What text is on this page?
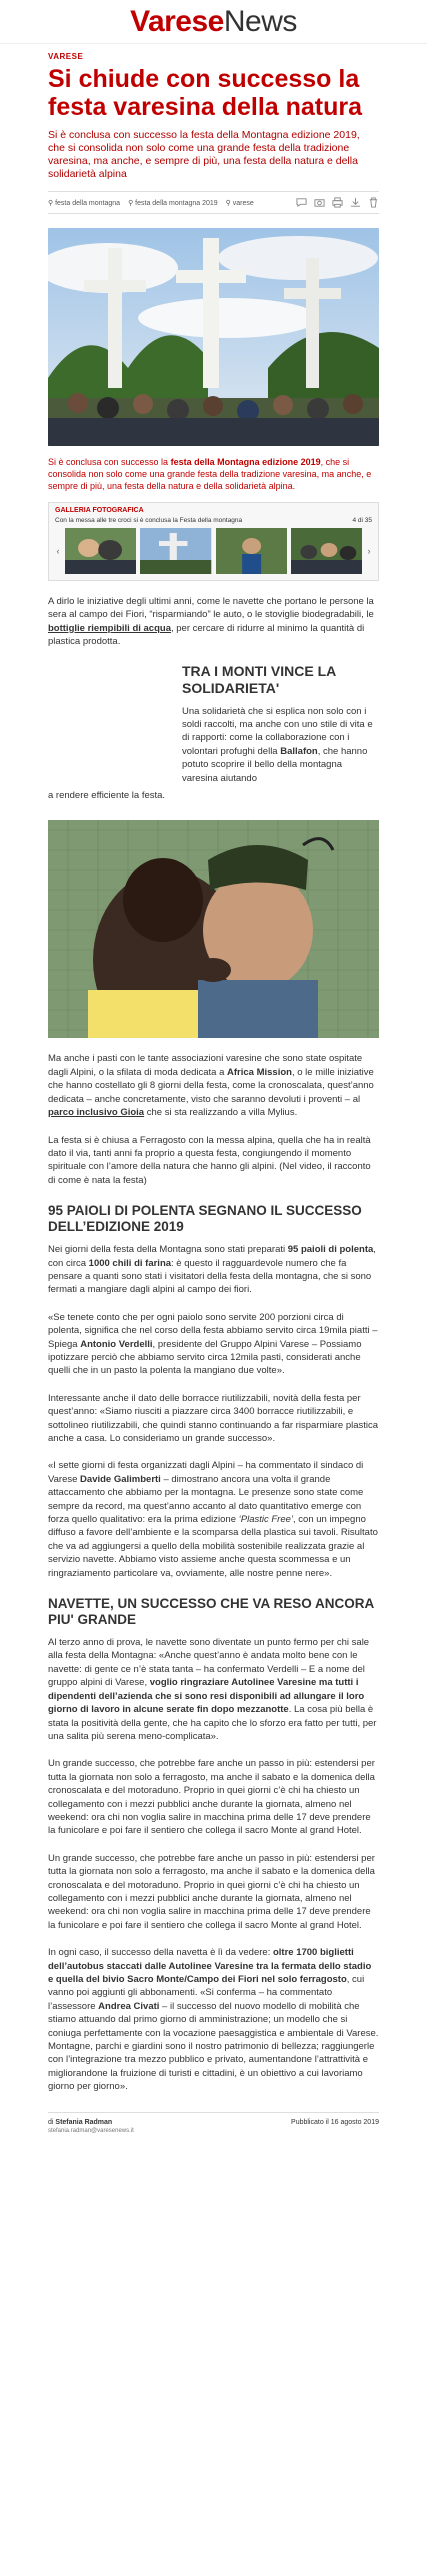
VareseNews
VARESE
Si chiude con successo la festa varesina della natura

Si è conclusa con successo la festa della Montagna edizione 2019, che si consolida non solo come una grande festa della tradizione varesina, ma anche, e sempre di più, una festa della natura e della solidarietà alpina

⚲ festa della montagna ⚲ festa della montagna 2019 ⚲ varese

Si è conclusa con successo la festa della Montagna edizione 2019, che si consolida non solo come una grande festa della tradizione varesina, ma anche, e sempre di più, una festa della natura e della solidarietà alpina.

GALLERIA FOTOGRAFICA
Con la messa alle tre croci si è conclusa la Festa della montagna	4 di 35
‹	›

A dirlo le iniziative degli ultimi anni, come le navette che portano le persone la sera al campo dei Fiori, “risparmiando” le auto, o le stoviglie biodegradabili, le bottiglie riempibili di acqua, per cercare di ridurre al minimo la quantità di plastica prodotta.

TRA I MONTI VINCE LA SOLIDARIETA'

Una solidarietà che si esplica non solo con i soldi raccolti, ma anche con uno stile di vita e di rapporti: come la collaborazione con i volontari profughi della Ballafon, che hanno potuto scoprire il bello della montagna varesina aiutando

a rendere efficiente la festa.

Ma anche i pasti con le tante associazioni varesine che sono state ospitate dagli Alpini, o la sfilata di moda dedicata a Africa Mission, o le mille iniziative che hanno costellato gli 8 giorni della festa, come la cronoscalata, quest’anno dedicata – anche concretamente, visto che saranno devoluti i proventi – al parco inclusivo Gioia che si sta realizzando a villa Mylius.

La festa si è chiusa a Ferragosto con la messa alpina, quella che ha in realtà dato il via, tanti anni fa proprio a questa festa, congiungendo il momento spirituale con l’amore della natura che hanno gli alpini. (Nel video, il racconto di come è nata la festa)

95 PAIOLI DI POLENTA SEGNANO IL SUCCESSO DELL’EDIZIONE 2019

Nei giorni della festa della Montagna sono stati preparati 95 paioli di polenta, con circa 1000 chili di farina: è questo il ragguardevole numero che fa pensare a quanti sono stati i visitatori della festa della montagna, che si sono fermati a mangiare dagli alpini al campo dei fiori.

«Se tenete conto che per ogni paiolo sono servite 200 porzioni circa di polenta, significa che nel corso della festa abbiamo servito circa 19mila piatti – Spiega Antonio Verdelli, presidente del Gruppo Alpini Varese – Possiamo ipotizzare perciò che abbiamo servito circa 12mila pasti, considerati anche quelli che in un pasto la polenta la mangiano due volte».

Interessante anche il dato delle borracce riutilizzabili, novità della festa per quest’anno: «Siamo riusciti a piazzare circa 3400 borracce riutilizzabili, e sottolineo riutilizzabili, che quindi stanno continuando a far risparmiare plastica anche a casa. Lo consideriamo un grande successo».

«I sette giorni di festa organizzati dagli Alpini – ha commentato il sindaco di Varese Davide Galimberti – dimostrano ancora una volta il grande attaccamento che abbiamo per la montagna. Le presenze sono state come sempre da record, ma quest’anno accanto al dato quantitativo emerge con forza quello qualitativo: era la prima edizione ‘Plastic Free’, con un impegno diffuso a favore dell’ambiente e la scomparsa della plastica sui tavoli. Risultato che va ad aggiungersi a quello della mobilità sostenibile realizzata grazie al servizio navette. Abbiamo visto assieme anche questa scommessa e un ringraziamento particolare va, ovviamente, alle nostre penne nere».

NAVETTE, UN SUCCESSO CHE VA RESO ANCORA PIU' GRANDE

Al terzo anno di prova, le navette sono diventate un punto fermo per chi sale alla festa della Montagna: «Anche quest’anno è andata molto bene con le navette: di gente ce n’è stata tanta – ha confermato Verdelli – E a nome del gruppo alpini di Varese, voglio ringraziare Autolinee Varesine ma tutti i dipendenti dell’azienda che si sono resi disponibili ad allungare il loro giorno di lavoro in alcune serate fin dopo mezzanotte. La cosa più bella è stata la positività della gente, che ha capito che lo sforzo era fatto per tutti, per una salita più serena meno-complicata».

Un grande successo, che potrebbe fare anche un passo in più: estendersi per tutta la giornata non solo a ferragosto, ma anche il sabato e la domenica della cronoscalata e del motoraduno. Proprio in quei giorni c’è chi ha chiesto un collegamento con i mezzi pubblici anche durante la giornata, almeno nel weekend: ora chi non voglia salire in macchina prima delle 17 deve prendere la funicolare e poi fare il sentiero che collega il sacro Monte al grand Hotel.

Un grande successo, che potrebbe fare anche un passo in più: estendersi per tutta la giornata non solo a ferragosto, ma anche il sabato e la domenica della cronoscalata e del motoraduno. Proprio in quei giorni c’è chi ha chiesto un collegamento con i mezzi pubblici anche durante la giornata, almeno nel weekend: ora chi non voglia salire in macchina prima delle 17 deve prendere la funicolare e poi fare il sentiero che collega il sacro Monte al grand Hotel.

In ogni caso, il successo della navetta è lì da vedere: oltre 1700 biglietti dell’autobus staccati dalle Autolinee Varesine tra la fermata dello stadio e quella del bivio Sacro Monte/Campo dei Fiori nel solo ferragosto, cui vanno poi aggiunti gli abbonamenti. «Si conferma – ha commentato l’assessore Andrea Civati – il successo del nuovo modello di mobilità che stiamo attuando dal primo giorno di amministrazione; un modello che si coniuga perfettamente con la vocazione paesaggistica e ambientale di Varese. Montagne, parchi e giardini sono il nostro patrimonio di bellezza; raggiungerle con l’integrazione tra mezzo pubblico e privato, aumentandone l’attrattività e migliorandone la fruizione di turisti e cittadini, è un obiettivo a cui lavoriamo giorno per giorno».

di Stefania Radman
stefania.radman@varesenews.it
Pubblicato il 16 agosto 2019
